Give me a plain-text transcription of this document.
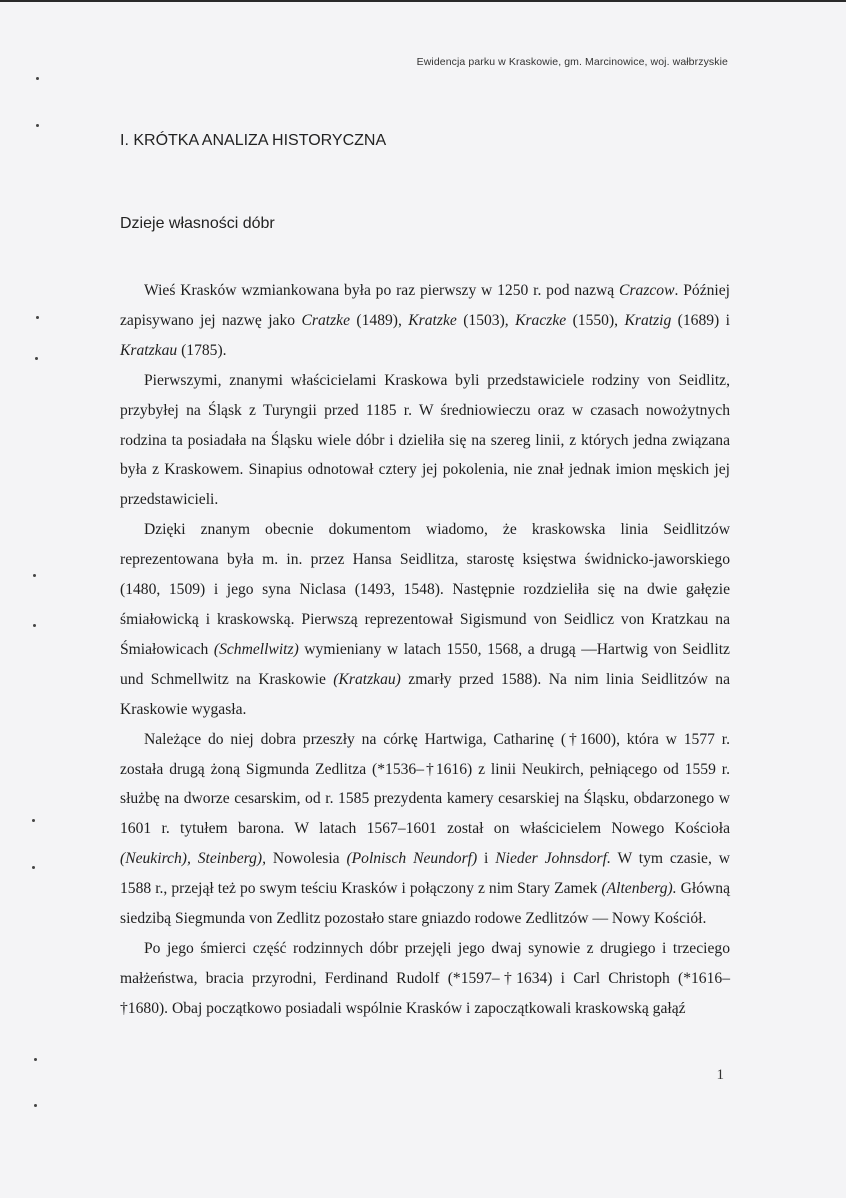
Ewidencja parku w Kraskowie, gm. Marcinowice, woj. wałbrzyskie
I. KRÓTKA ANALIZA HISTORYCZNA
Dzieje własności dóbr

Wieś Krasków wzmiankowana była po raz pierwszy w 1250 r. pod nazwą Crazcow. Później zapisywano jej nazwę jako Cratzke (1489), Kratzke (1503), Kraczke (1550), Kratzig (1689) i Kratzkau (1785).

Pierwszymi, znanymi właścicielami Kraskowa byli przedstawiciele rodziny von Seidlitz, przybyłej na Śląsk z Turyngii przed 1185 r. W średniowieczu oraz w czasach nowożytnych rodzina ta posiadała na Śląsku wiele dóbr i dzieliła się na szereg linii, z których jedna związana była z Kraskowem. Sinapius odnotował cztery jej pokolenia, nie znał jednak imion męskich jej przedstawicieli.

Dzięki znanym obecnie dokumentom wiadomo, że kraskowska linia Seidlitzów reprezentowana była m. in. przez Hansa Seidlitza, starostę księstwa świdnicko-jaworskiego (1480, 1509) i jego syna Niclasa (1493, 1548). Następnie rozdzieliła się na dwie gałęzie śmiałowicką i kraskowską. Pierwszą reprezentował Sigismund von Seidlicz von Kratzkau na Śmiałowicach (Schmellwitz) wymieniany w latach 1550, 1568, a drugą —Hartwig von Seidlitz und Schmellwitz na Kraskowie (Kratzkau) zmarły przed 1588). Na nim linia Seidlitzów na Kraskowie wygasła.

Należące do niej dobra przeszły na córkę Hartwiga, Catharinę (†1600), która w 1577 r. została drugą żoną Sigmunda Zedlitza (*1536–†1616) z linii Neukirch, pełniącego od 1559 r. służbę na dworze cesarskim, od r. 1585 prezydenta kamery cesarskiej na Śląsku, obdarzonego w 1601 r. tytułem barona. W latach 1567–1601 został on właścicielem Nowego Kościoła (Neukirch), Steinberg), Nowolesia (Polnisch Neundorf) i Nieder Johnsdorf. W tym czasie, w 1588 r., przejął też po swym teściu Krasków i połączony z nim Stary Zamek (Altenberg). Główną siedzibą Siegmunda von Zedlitz pozostało stare gniazdo rodowe Zedlitzów — Nowy Kościół.

Po jego śmierci część rodzinnych dóbr przejęli jego dwaj synowie z drugiego i trzeciego małżeństwa, bracia przyrodni, Ferdinand Rudolf (*1597–†1634) i Carl Christoph (*1616–†1680). Obaj początkowo posiadali wspólnie Krasków i zapoczątkowali kraskowską gałąź

1
